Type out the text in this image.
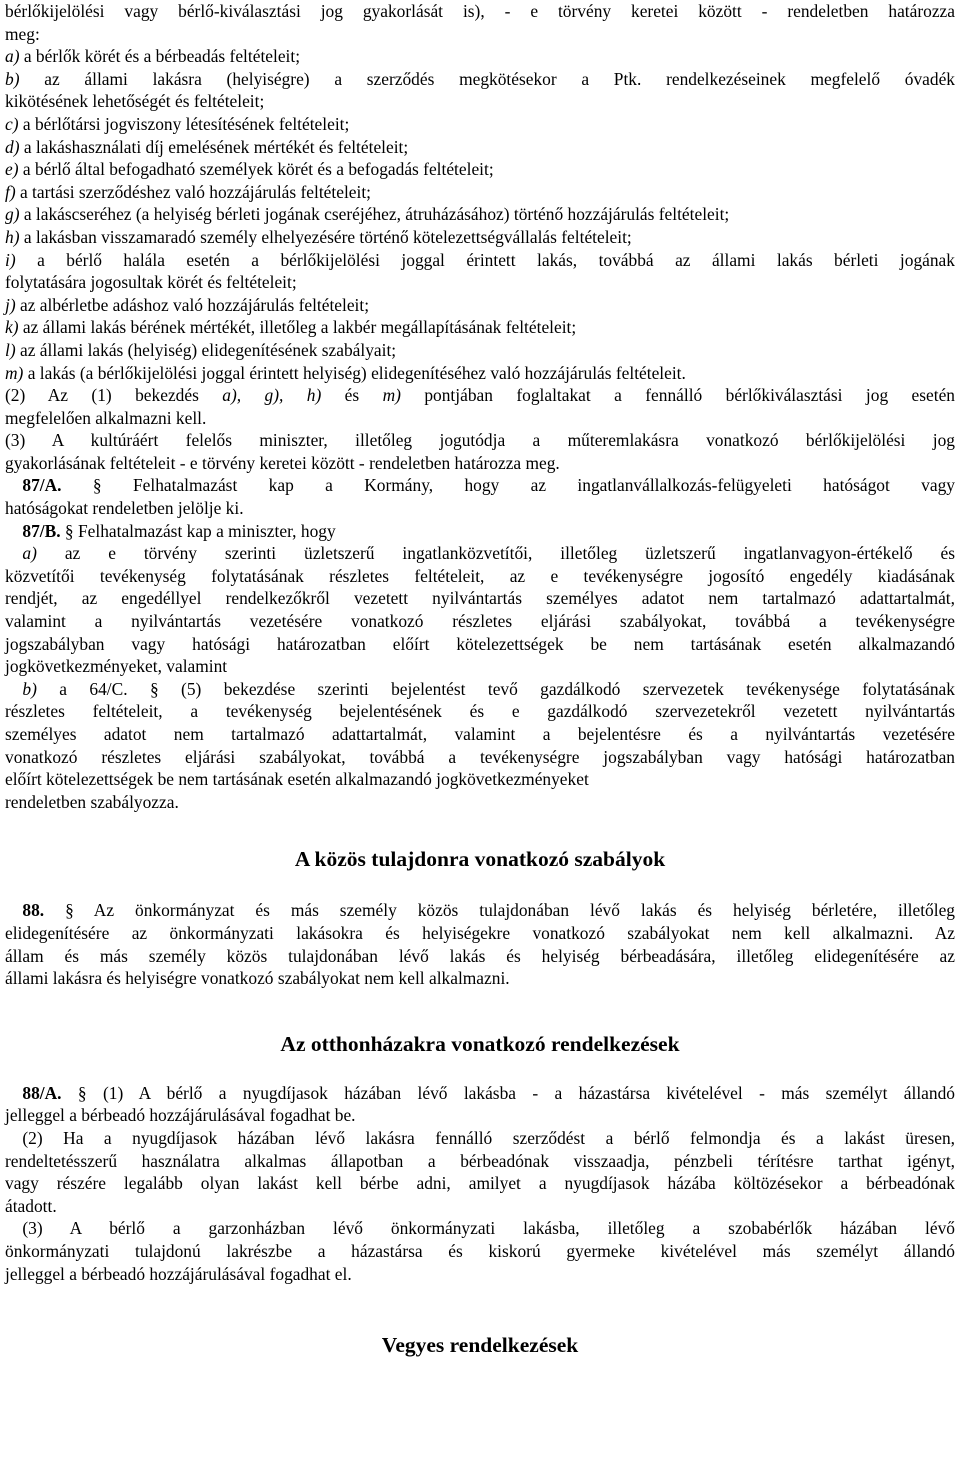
bérlőkijelölési vagy bérlő-kiválasztási jog gyakorlását is), - e törvény keretei között - rendeletben határozza

meg:

a) a bérlők körét és a bérbeadás feltételeit;

b) az állami lakásra (helyiségre) a szerződés megkötésekor a Ptk. rendelkezéseinek megfelelő óvadék

kikötésének lehetőségét és feltételeit;

c) a bérlőtársi jogviszony létesítésének feltételeit;

d) a lakáshasználati díj emelésének mértékét és feltételeit;

e) a bérlő által befogadható személyek körét és a befogadás feltételeit;

f) a tartási szerződéshez való hozzájárulás feltételeit;

g) a lakáscseréhez (a helyiség bérleti jogának cseréjéhez, átruházásához) történő hozzájárulás feltételeit;

h) a lakásban visszamaradó személy elhelyezésére történő kötelezettségvállalás feltételeit;

i) a bérlő halála esetén a bérlőkijelölési joggal érintett lakás, továbbá az állami lakás bérleti jogának

folytatására jogosultak körét és feltételeit;

j) az albérletbe adáshoz való hozzájárulás feltételeit;

k) az állami lakás bérének mértékét, illetőleg a lakbér megállapításának feltételeit;

l) az állami lakás (helyiség) elidegenítésének szabályait;

m) a lakás (a bérlőkijelölési joggal érintett helyiség) elidegenítéséhez való hozzájárulás feltételeit.

(2) Az (1) bekezdés a), g), h) és m) pontjában foglaltakat a fennálló bérlőkiválasztási jog esetén

megfelelően alkalmazni kell.

(3) A kultúráért felelős miniszter, illetőleg jogutódja a műteremlakásra vonatkozó bérlőkijelölési jog

gyakorlásának feltételeit - e törvény keretei között - rendeletben határozza meg.

 87/A. § Felhatalmazást kap a Kormány, hogy az ingatlanvállalkozás-felügyeleti hatóságot vagy

hatóságokat rendeletben jelölje ki.

 87/B. § Felhatalmazást kap a miniszter, hogy

 a) az e törvény szerinti üzletszerű ingatlanközvetítői, illetőleg üzletszerű ingatlanvagyon-értékelő és

közvetítői tevékenység folytatásának részletes feltételeit, az e tevékenységre jogosító engedély kiadásának

rendjét, az engedéllyel rendelkezőkről vezetett nyilvántartás személyes adatot nem tartalmazó adattartalmát,

valamint a nyilvántartás vezetésére vonatkozó részletes eljárási szabályokat, továbbá a tevékenységre

jogszabályban vagy hatósági határozatban előírt kötelezettségek be nem tartásának esetén alkalmazandó

jogkövetkezményeket, valamint

 b) a 64/C. § (5) bekezdése szerinti bejelentést tevő gazdálkodó szervezetek tevékenysége folytatásának

részletes feltételeit, a tevékenység bejelentésének és e gazdálkodó szervezetekről vezetett nyilvántartás

személyes adatot nem tartalmazó adattartalmát, valamint a bejelentésre és a nyilvántartás vezetésére

vonatkozó részletes eljárási szabályokat, továbbá a tevékenységre jogszabályban vagy hatósági határozatban

előírt kötelezettségek be nem tartásának esetén alkalmazandó jogkövetkezményeket

rendeletben szabályozza.

A közös tulajdonra vonatkozó szabályok

 88. § Az önkormányzat és más személy közös tulajdonában lévő lakás és helyiség bérletére, illetőleg

elidegenítésére az önkormányzati lakásokra és helyiségekre vonatkozó szabályokat nem kell alkalmazni. Az

állam és más személy közös tulajdonában lévő lakás és helyiség bérbeadására, illetőleg elidegenítésére az

állami lakásra és helyiségre vonatkozó szabályokat nem kell alkalmazni.

Az otthonházakra vonatkozó rendelkezések

 88/A. § (1) A bérlő a nyugdíjasok házában lévő lakásba - a házastársa kivételével - más személyt állandó

jelleggel a bérbeadó hozzájárulásával fogadhat be.

 (2) Ha a nyugdíjasok házában lévő lakásra fennálló szerződést a bérlő felmondja és a lakást üresen,

rendeltetésszerű használatra alkalmas állapotban a bérbeadónak visszaadja, pénzbeli térítésre tarthat igényt,

vagy részére legalább olyan lakást kell bérbe adni, amilyet a nyugdíjasok házába költözésekor a bérbeadónak

átadott.

 (3) A bérlő a garzonházban lévő önkormányzati lakásba, illetőleg a szobabérlők házában lévő

önkormányzati tulajdonú lakrészbe a házastársa és kiskorú gyermeke kivételével más személyt állandó

jelleggel a bérbeadó hozzájárulásával fogadhat el.

Vegyes rendelkezések
